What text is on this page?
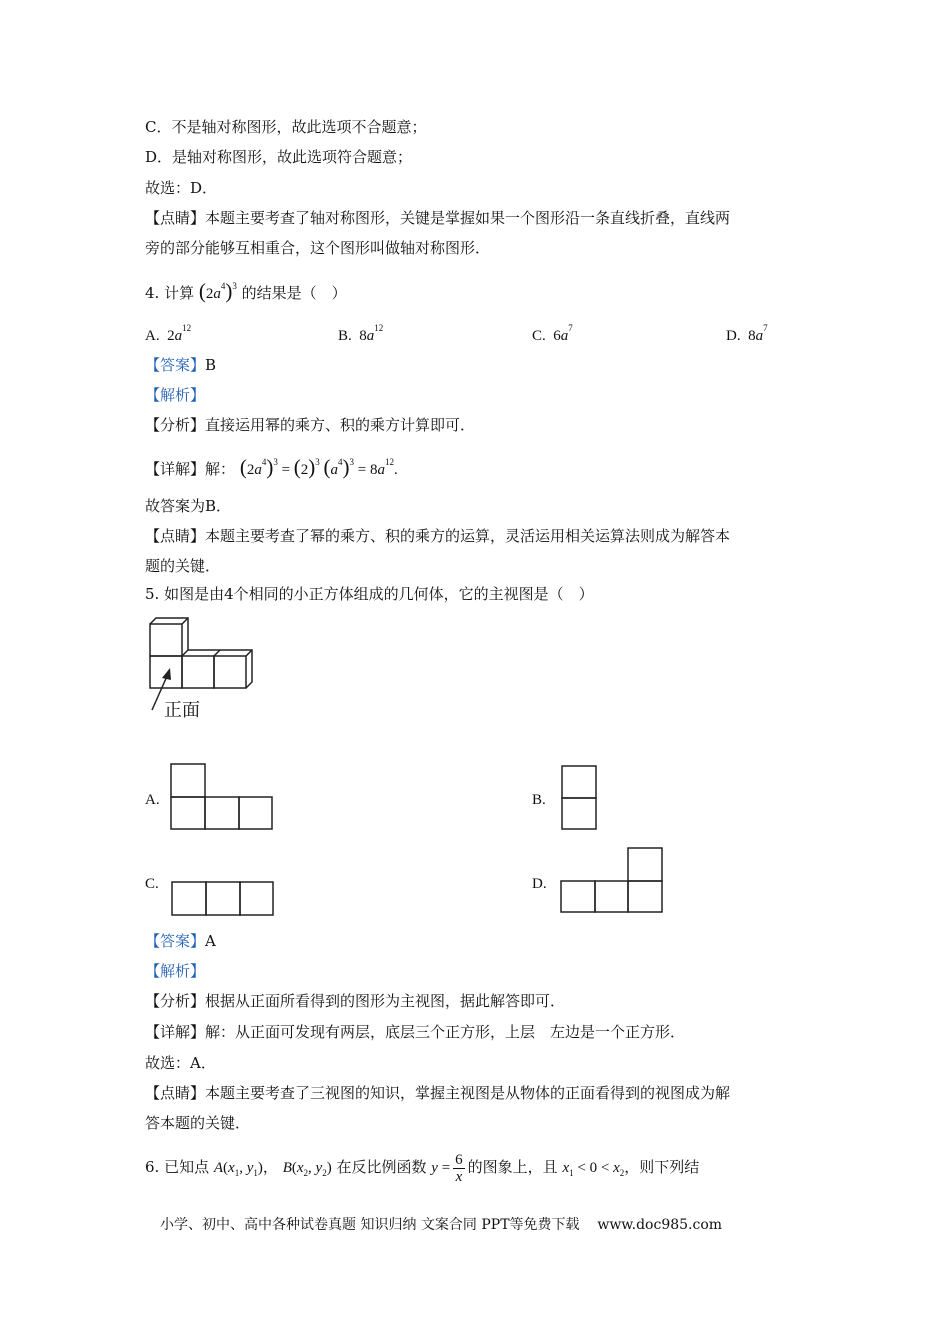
C．不是轴对称图形，故此选项不合题意；
D．是轴对称图形，故此选项符合题意；
故选：D．
【点睛】本题主要考查了轴对称图形，关键是掌握如果一个图形沿一条直线折叠，直线两
旁的部分能够互相重合，这个图形叫做轴对称图形．
4. 计算 $(2a^4)^3$ 的结果是（　）
A. $2a^{12}$	B. $8a^{12}$	C. $6a^7$	D. $8a^7$
【答案】B
【解析】
【分析】直接运用幂的乘方、积的乘方计算即可．
【详解】解： $(2a^4)^3 = (2)^3$ $(a^4)^3 = 8a^{12}$.
故答案为B．
【点睛】本题主要考查了幂的乘方、积的乘方的运算，灵活运用相关运算法则成为解答本
题的关键．
5. 如图是由4个相同的小正方体组成的几何体，它的主视图是（　）
正面
A.	B.
C.	D.
【答案】A
【解析】
【分析】根据从正面所看得到的图形为主视图，据此解答即可．
【详解】解：从正面可发现有两层，底层三个正方形，上层　左边是一个正方形．
故选：A．
【点睛】本题主要考查了三视图的知识，掌握主视图是从物体的正面看得到的视图成为解
答本题的关键．
6. 已知点 $A(x_1$, $y_1$)， $B(x_2$, $y_2$) 在反比例函数 $y = \frac{6}{x}$ 的图象上，且 $x_1 < 0 < x_2$，则下列结
小学、初中、高中各种试卷真题 知识归纳 文案合同 PPT等免费下载 www.doc985.com
